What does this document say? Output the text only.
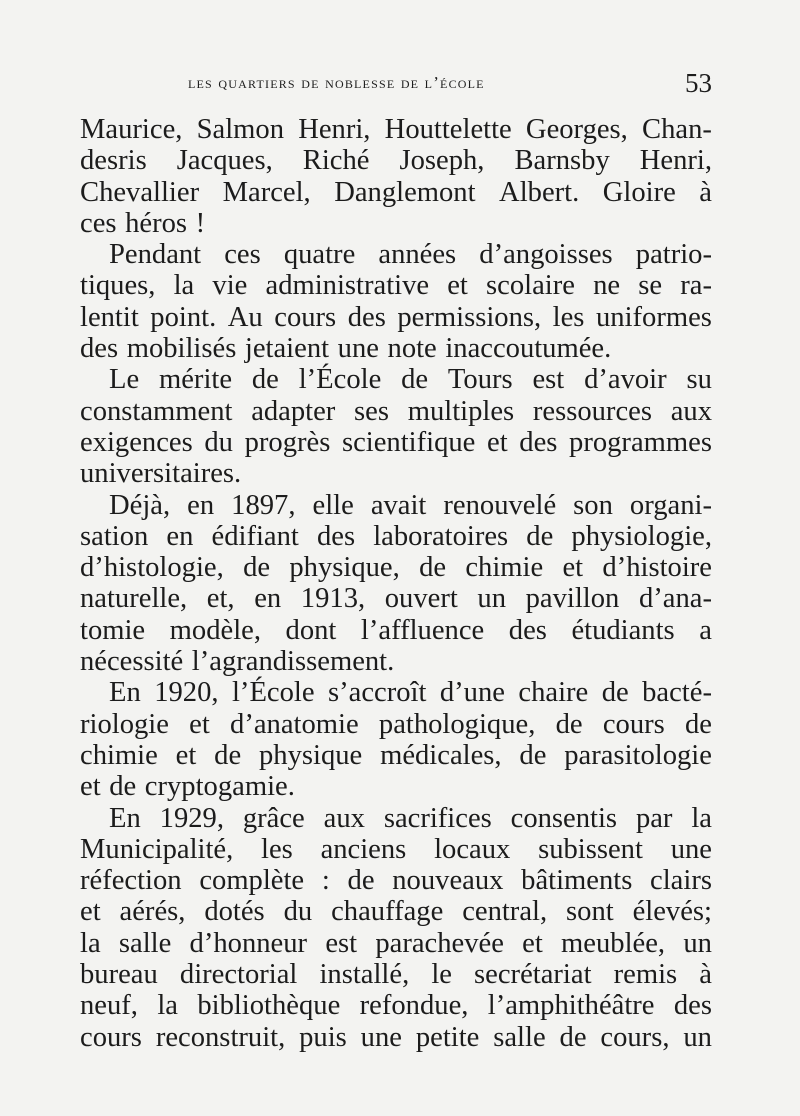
les quartiers de noblesse de l’école	53
Maurice, Salmon Henri, Houttelette Georges, Chan-
desris Jacques, Riché Joseph, Barnsby Henri,
Chevallier Marcel, Danglemont Albert. Gloire à
ces héros !
Pendant ces quatre années d’angoisses patrio-
tiques, la vie administrative et scolaire ne se ra-
lentit point. Au cours des permissions, les uniformes
des mobilisés jetaient une note inaccoutumée.
Le mérite de l’École de Tours est d’avoir su
constamment adapter ses multiples ressources aux
exigences du progrès scientifique et des programmes
universitaires.
Déjà, en 1897, elle avait renouvelé son organi-
sation en édifiant des laboratoires de physiologie,
d’histologie, de physique, de chimie et d’histoire
naturelle, et, en 1913, ouvert un pavillon d’ana-
tomie modèle, dont l’affluence des étudiants a
nécessité l’agrandissement.
En 1920, l’École s’accroît d’une chaire de bacté-
riologie et d’anatomie pathologique, de cours de
chimie et de physique médicales, de parasitologie
et de cryptogamie.
En 1929, grâce aux sacrifices consentis par la
Municipalité, les anciens locaux subissent une
réfection complète : de nouveaux bâtiments clairs
et aérés, dotés du chauffage central, sont élevés;
la salle d’honneur est parachevée et meublée, un
bureau directorial installé, le secrétariat remis à
neuf, la bibliothèque refondue, l’amphithéâtre des
cours reconstruit, puis une petite salle de cours, un
